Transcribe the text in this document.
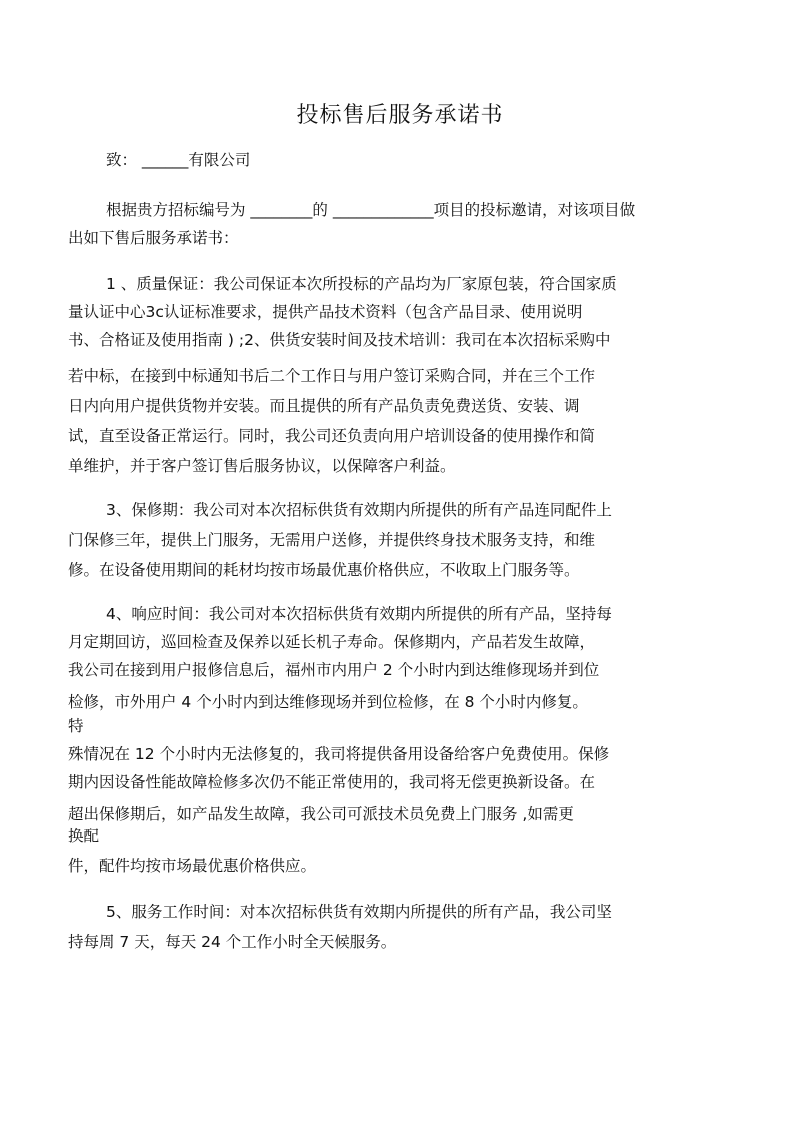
投标售后服务承诺书
致： ______有限公司
根据贵方招标编号为 ________的 _____________项目的投标邀请，对该项目做
出如下售后服务承诺书：
1 、质量保证：我公司保证本次所投标的产品均为厂家原包装，符合国家质
量认证中心3c认证标准要求，提供产品技术资料（包含产品目录、使用说明
书、合格证及使用指南 ) ;2、供货安装时间及技术培训：我司在本次招标采购中
若中标，在接到中标通知书后二个工作日与用户签订采购合同，并在三个工作
日内向用户提供货物并安装。而且提供的所有产品负责免费送货、安装、调
试，直至设备正常运行。同时，我公司还负责向用户培训设备的使用操作和简
单维护，并于客户签订售后服务协议，以保障客户利益。
3、保修期：我公司对本次招标供货有效期内所提供的所有产品连同配件上
门保修三年，提供上门服务，无需用户送修，并提供终身技术服务支持，和维
修。在设备使用期间的耗材均按市场最优惠价格供应，不收取上门服务等。
4、响应时间：我公司对本次招标供货有效期内所提供的所有产品，坚持每
月定期回访，巡回检查及保养以延长机子寿命。保修期内，产品若发生故障，
我公司在接到用户报修信息后，福州市内用户 2 个小时内到达维修现场并到位
检修，市外用户 4 个小时内到达维修现场并到位检修，在 8 个小时内修复。
特
殊情况在 12 个小时内无法修复的，我司将提供备用设备给客户免费使用。保修
期内因设备性能故障检修多次仍不能正常使用的，我司将无偿更换新设备。在
超出保修期后，如产品发生故障，我公司可派技术员免费上门服务 ,如需更
换配
件，配件均按市场最优惠价格供应。
5、服务工作时间：对本次招标供货有效期内所提供的所有产品，我公司坚
持每周 7 天，每天 24 个工作小时全天候服务。
